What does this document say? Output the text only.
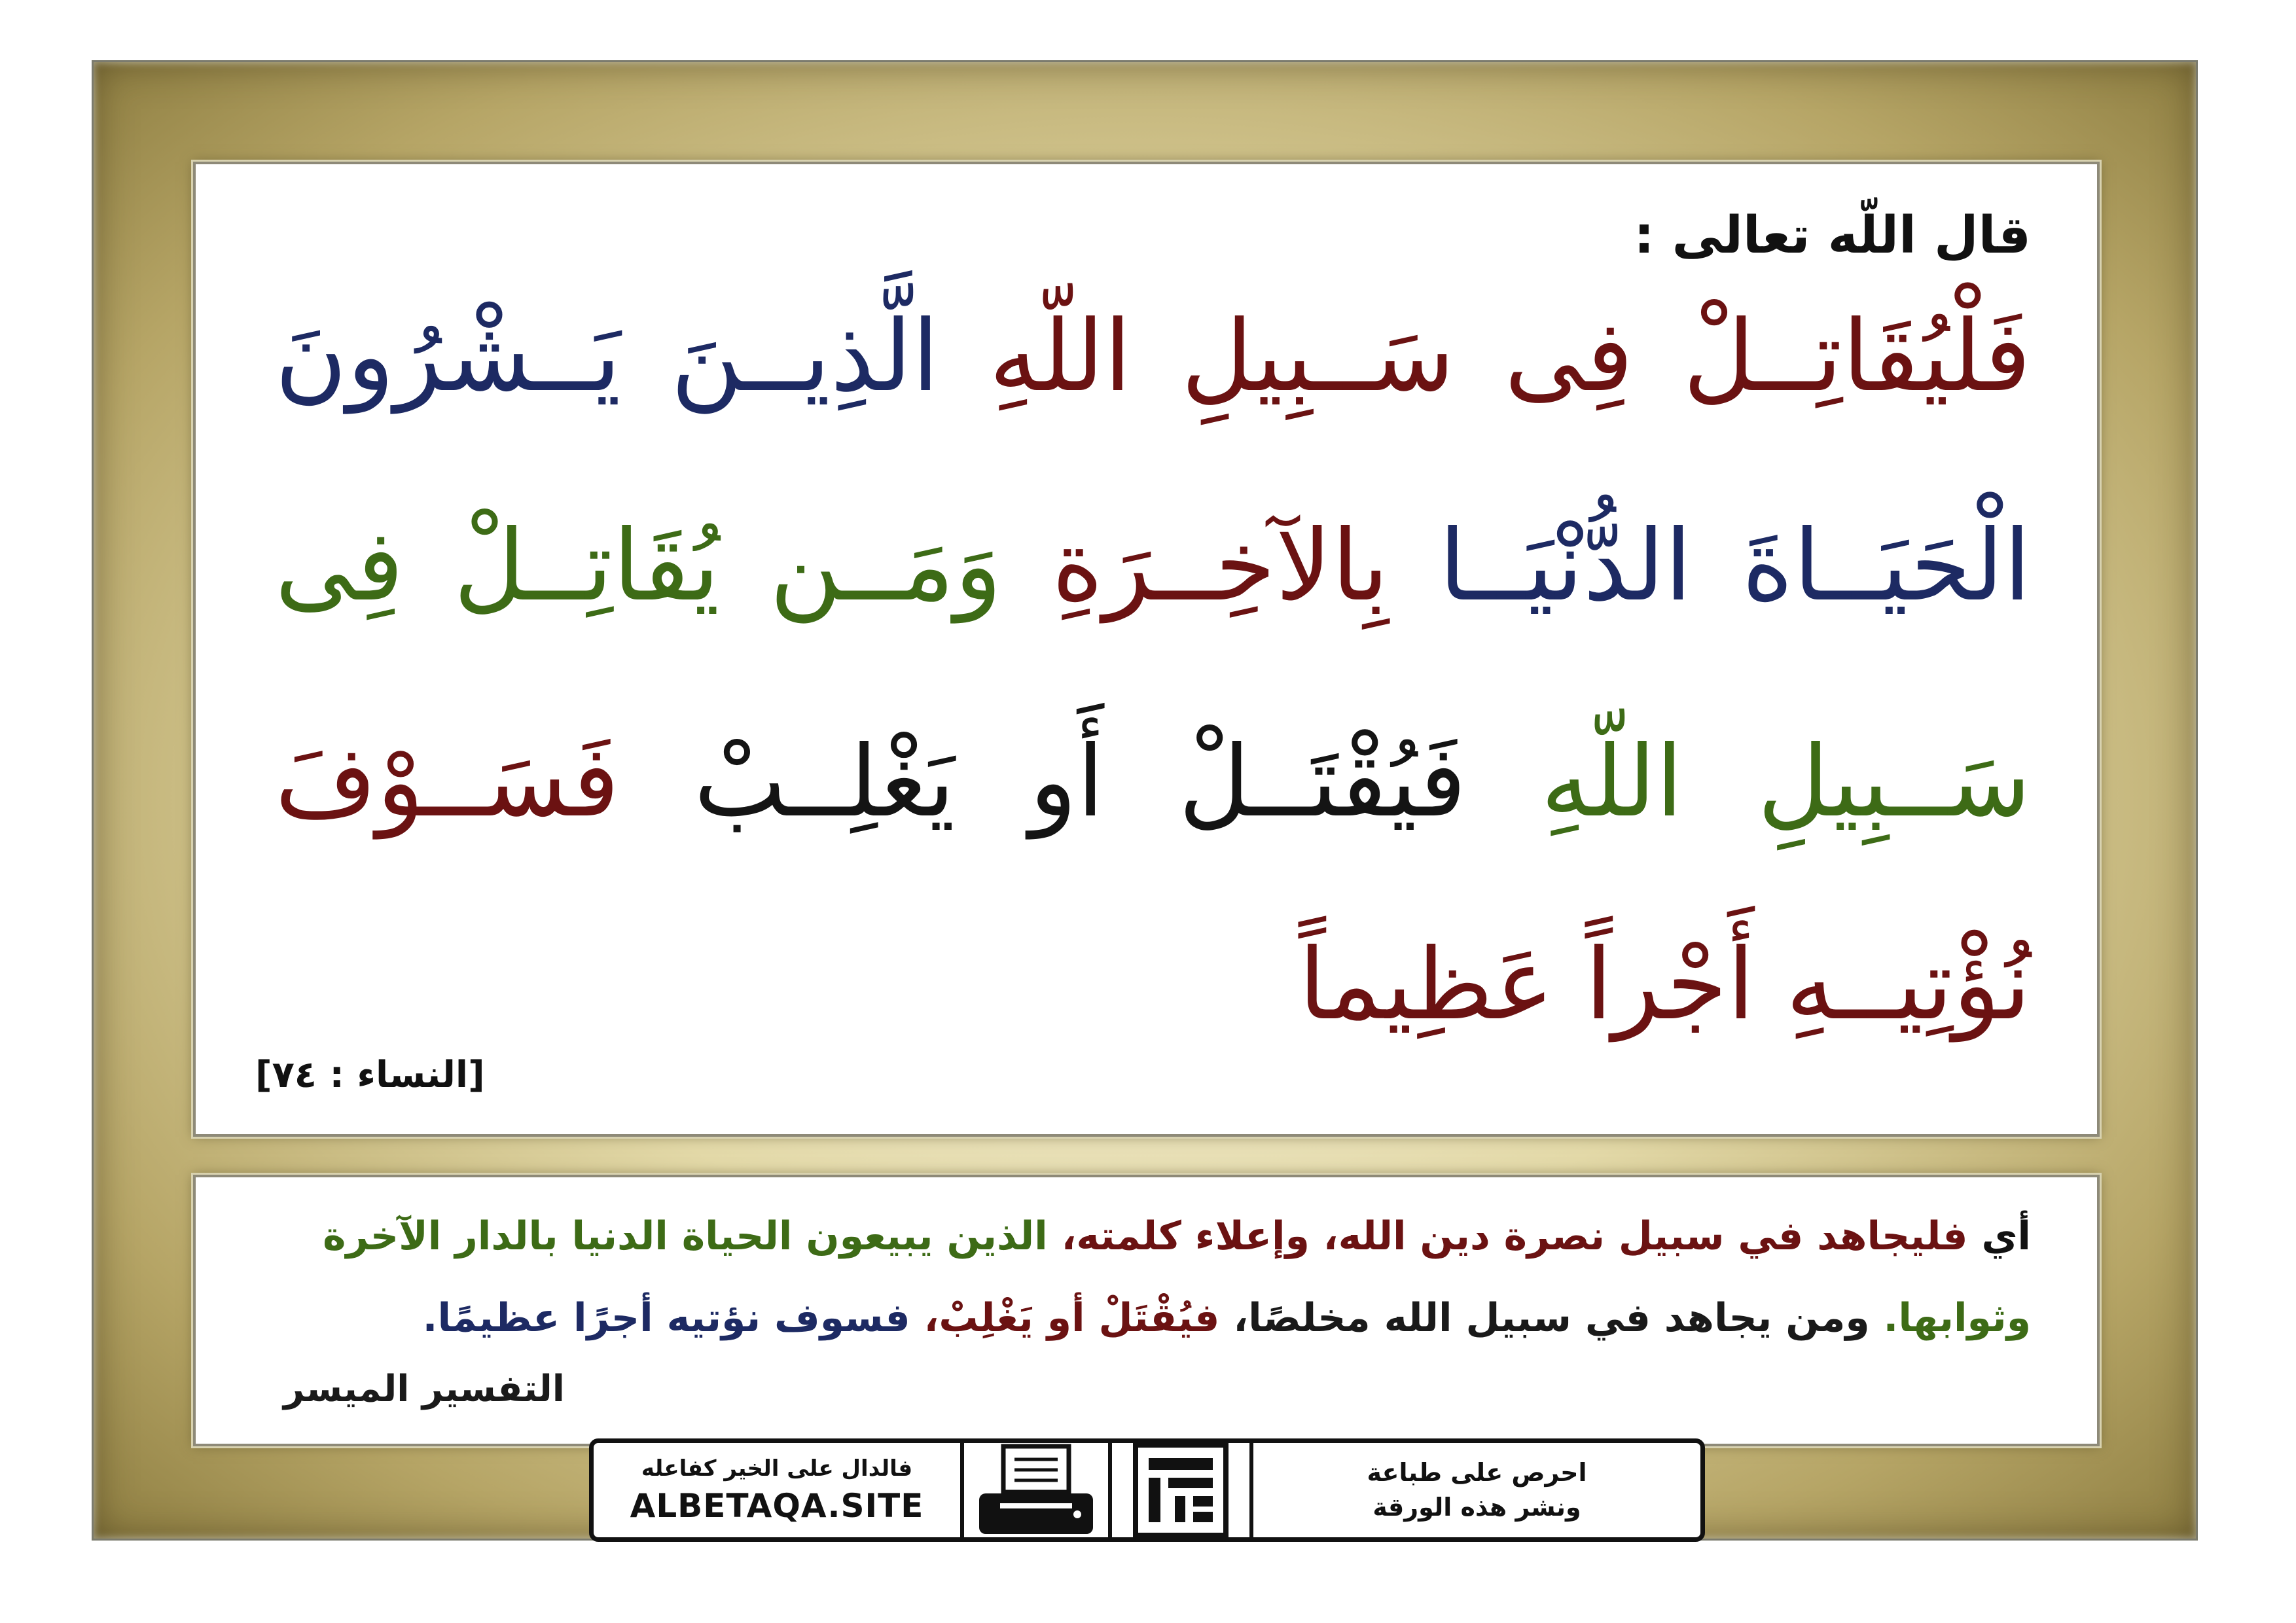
قال اللّه تعالى :
فَلْيُقَاتِــلْ فِى سَــبِيلِ اللّهِ الَّذِيــنَ يَــشْرُونَ
الْحَيَــاةَ الدُّنْيَــا بِالآخِــرَةِ وَمَــن يُقَاتِــلْ فِى
سَــبِيلِ اللّهِ فَيُقْتَــلْ أَو يَغْلِــبْ فَسَــوْفَ
نُؤْتِيــهِ أَجْراً عَظِيماً
[النساء : ٧٤]
أي فليجاهد في سبيل نصرة دين الله، وإعلاء كلمته، الذين يبيعون الحياة الدنيا بالدار الآخرة
وثوابها. ومن يجاهد في سبيل الله مخلصًا، فيُقْتَلْ أو يَغْلِبْ، فسوف نؤتيه أجرًا عظيمًا.
التفسير الميسر
فالدال على الخير كفاعله
ALBETAQA.SITE
احرص على طباعة
ونشر هذه الورقة
